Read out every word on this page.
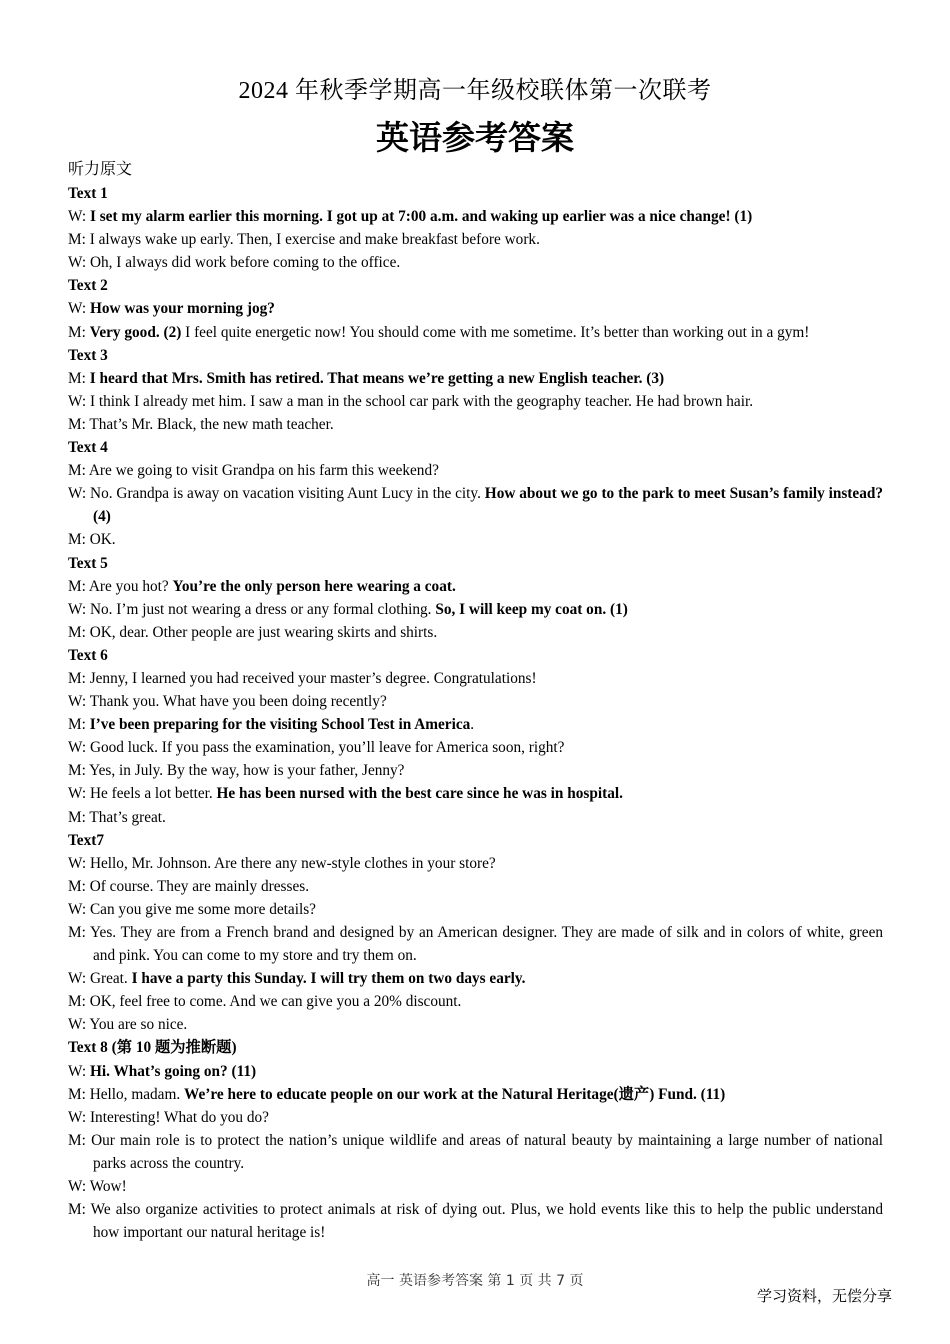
2024 年秋季学期高一年级校联体第一次联考
英语参考答案
听力原文
Text 1
W: I set my alarm earlier this morning. I got up at 7:00 a.m. and waking up earlier was a nice change! (1)
M: I always wake up early. Then, I exercise and make breakfast before work.
W: Oh, I always did work before coming to the office.
Text 2
W: How was your morning jog?
M: Very good. (2) I feel quite energetic now! You should come with me sometime. It’s better than working out in a gym!
Text 3
M: I heard that Mrs. Smith has retired. That means we’re getting a new English teacher. (3)
W: I think I already met him. I saw a man in the school car park with the geography teacher. He had brown hair.
M: That’s Mr. Black, the new math teacher.
Text 4
M: Are we going to visit Grandpa on his farm this weekend?
W: No. Grandpa is away on vacation visiting Aunt Lucy in the city. How about we go to the park to meet Susan’s family instead? (4)
M: OK.
Text 5
M: Are you hot? You’re the only person here wearing a coat.
W: No. I’m just not wearing a dress or any formal clothing. So, I will keep my coat on. (1)
M: OK, dear. Other people are just wearing skirts and shirts.
Text 6
M: Jenny, I learned you had received your master’s degree. Congratulations!
W: Thank you. What have you been doing recently?
M: I’ve been preparing for the visiting School Test in America.
W: Good luck. If you pass the examination, you’ll leave for America soon, right?
M: Yes, in July. By the way, how is your father, Jenny?
W: He feels a lot better. He has been nursed with the best care since he was in hospital.
M: That’s great.
Text7
W: Hello, Mr. Johnson. Are there any new-style clothes in your store?
M: Of course. They are mainly dresses.
W: Can you give me some more details?
M: Yes. They are from a French brand and designed by an American designer. They are made of silk and in colors of white, green and pink. You can come to my store and try them on.
W: Great. I have a party this Sunday. I will try them on two days early.
M: OK, feel free to come. And we can give you a 20% discount.
W: You are so nice.
Text 8 (第 10 题为推断题)
W: Hi. What’s going on? (11)
M: Hello, madam. We’re here to educate people on our work at the Natural Heritage(遗产) Fund. (11)
W: Interesting! What do you do?
M: Our main role is to protect the nation’s unique wildlife and areas of natural beauty by maintaining a large number of national parks across the country.
W: Wow!
M: We also organize activities to protect animals at risk of dying out. Plus, we hold events like this to help the public understand how important our natural heritage is!
高一 英语参考答案 第 1 页 共 7 页
学习资料，无偿分享
